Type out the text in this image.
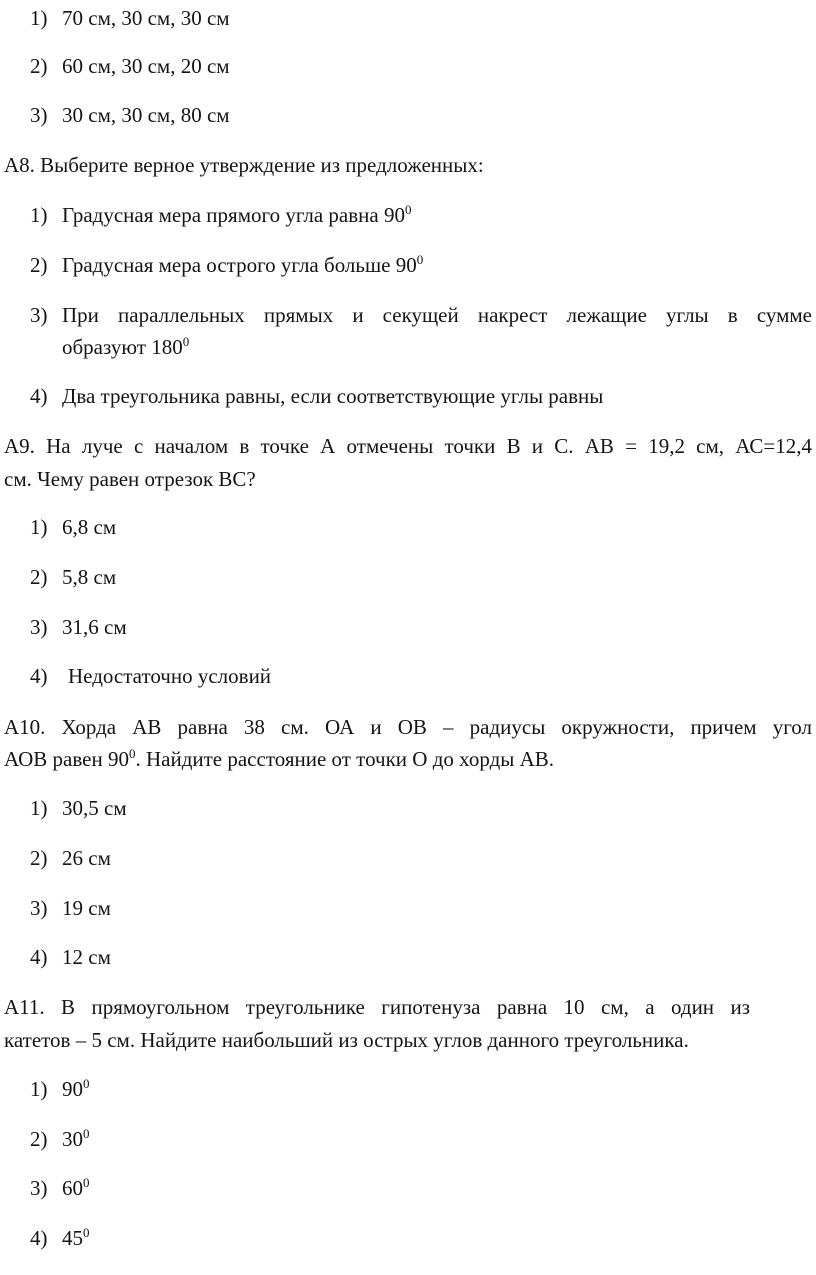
1) 70 см, 30 см, 30 см
2) 60 см, 30 см, 20 см
3) 30 см, 30 см, 80 см
А8. Выберите верное утверждение из предложенных:
1) Градусная мера прямого угла равна $90^0$
2) Градусная мера острого угла больше $90^0$
3) При параллельных прямых и секущей накрест лежащие углы в сумме
образуют $180^0$
4) Два треугольника равны, если соответствующие углы равны
А9. На луче с началом в точке А отмечены точки В и С. АВ = 19,2 см, АС=12,4
см. Чему равен отрезок ВС?
1) 6,8 см
2) 5,8 см
3) 31,6 см
4) Недостаточно условий
А10. Хорда АВ равна 38 см. ОА и ОВ – радиусы окружности, причем угол
АОВ равен $90^0$. Найдите расстояние от точки О до хорды АВ.
1) 30,5 см
2) 26 см
3) 19 см
4) 12 см
А11. В прямоугольном треугольнике гипотенуза равна 10 см, а один из
катетов – 5 см. Найдите наибольший из острых углов данного треугольника.
1) $90^0$
2) $30^0$
3) $60^0$
4) $45^0$
